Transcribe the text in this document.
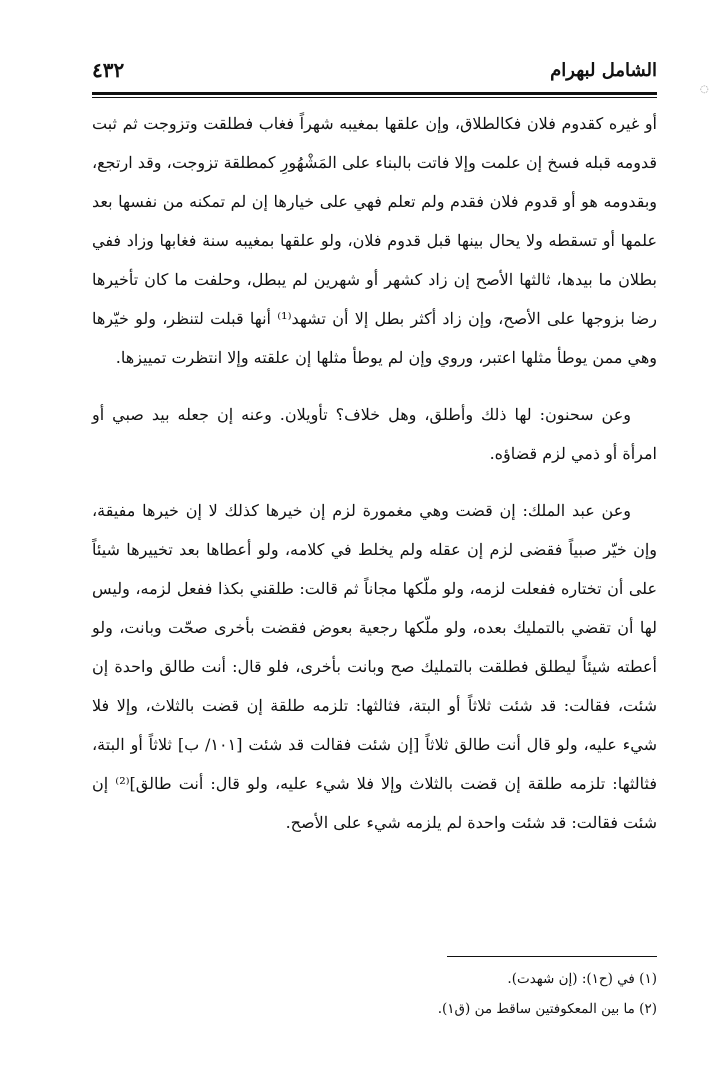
الشامل لبهرام
٤٣٢
◌

أو غيره كقدوم فلان فكالطلاق، وإن علقها بمغيبه شهراً فغاب فطلقت وتزوجت ثم ثبت قدومه قبله فسخ إن علمت وإلا فاتت بالبناء على المَشْهُورِ كمطلقة تزوجت، وقد ارتجع، وبقدومه هو أو قدوم فلان فقدم ولم تعلم فهي على خيارها إن لم تمكنه من نفسها بعد علمها أو تسقطه ولا يحال بينها قبل قدوم فلان، ولو علقها بمغيبه سنة فغابها وزاد ففي بطلان ما بيدها، ثالثها الأصح إن زاد كشهر أو شهرين لم يبطل، وحلفت ما كان تأخيرها رضا بزوجها على الأصح، وإن زاد أكثر بطل إلا أن تشهد⁽¹⁾ أنها قبلت لتنظر، ولو خيّرها وهي ممن يوطأ مثلها اعتبر، وروي وإن لم يوطأ مثلها إن علقته وإلا انتظرت تمييزها.

وعن سحنون: لها ذلك وأطلق، وهل خلاف؟ تأويلان. وعنه إن جعله بيد صبي أو امرأة أو ذمي لزم قضاؤه.

وعن عبد الملك: إن قضت وهي مغمورة لزم إن خيرها كذلك لا إن خيرها مفيقة، وإن خيّر صبياً فقضى لزم إن عقله ولم يخلط في كلامه، ولو أعطاها بعد تخييرها شيئاً على أن تختاره ففعلت لزمه، ولو ملّكها مجاناً ثم قالت: طلقني بكذا ففعل لزمه، وليس لها أن تقضي بالتمليك بعده، ولو ملّكها رجعية بعوض فقضت بأخرى صحّت وبانت، ولو أعطته شيئاً ليطلق فطلقت بالتمليك صح وبانت بأخرى، فلو قال: أنت طالق واحدة إن شئت، فقالت: قد شئت ثلاثاً أو البتة، فثالثها: تلزمه طلقة إن قضت بالثلاث، وإلا فلا شيء عليه، ولو قال أنت طالق ثلاثاً [إن شئت فقالت قد شئت [١٠١/ ب] ثلاثاً أو البتة، فثالثها: تلزمه طلقة إن قضت بالثلاث وإلا فلا شيء عليه، ولو قال: أنت طالق]⁽²⁾ إن شئت فقالت: قد شئت واحدة لم يلزمه شيء على الأصح.

(١) في (ح١): (إن شهدت).

(٢) ما بين المعكوفتين ساقط من (ق١).
